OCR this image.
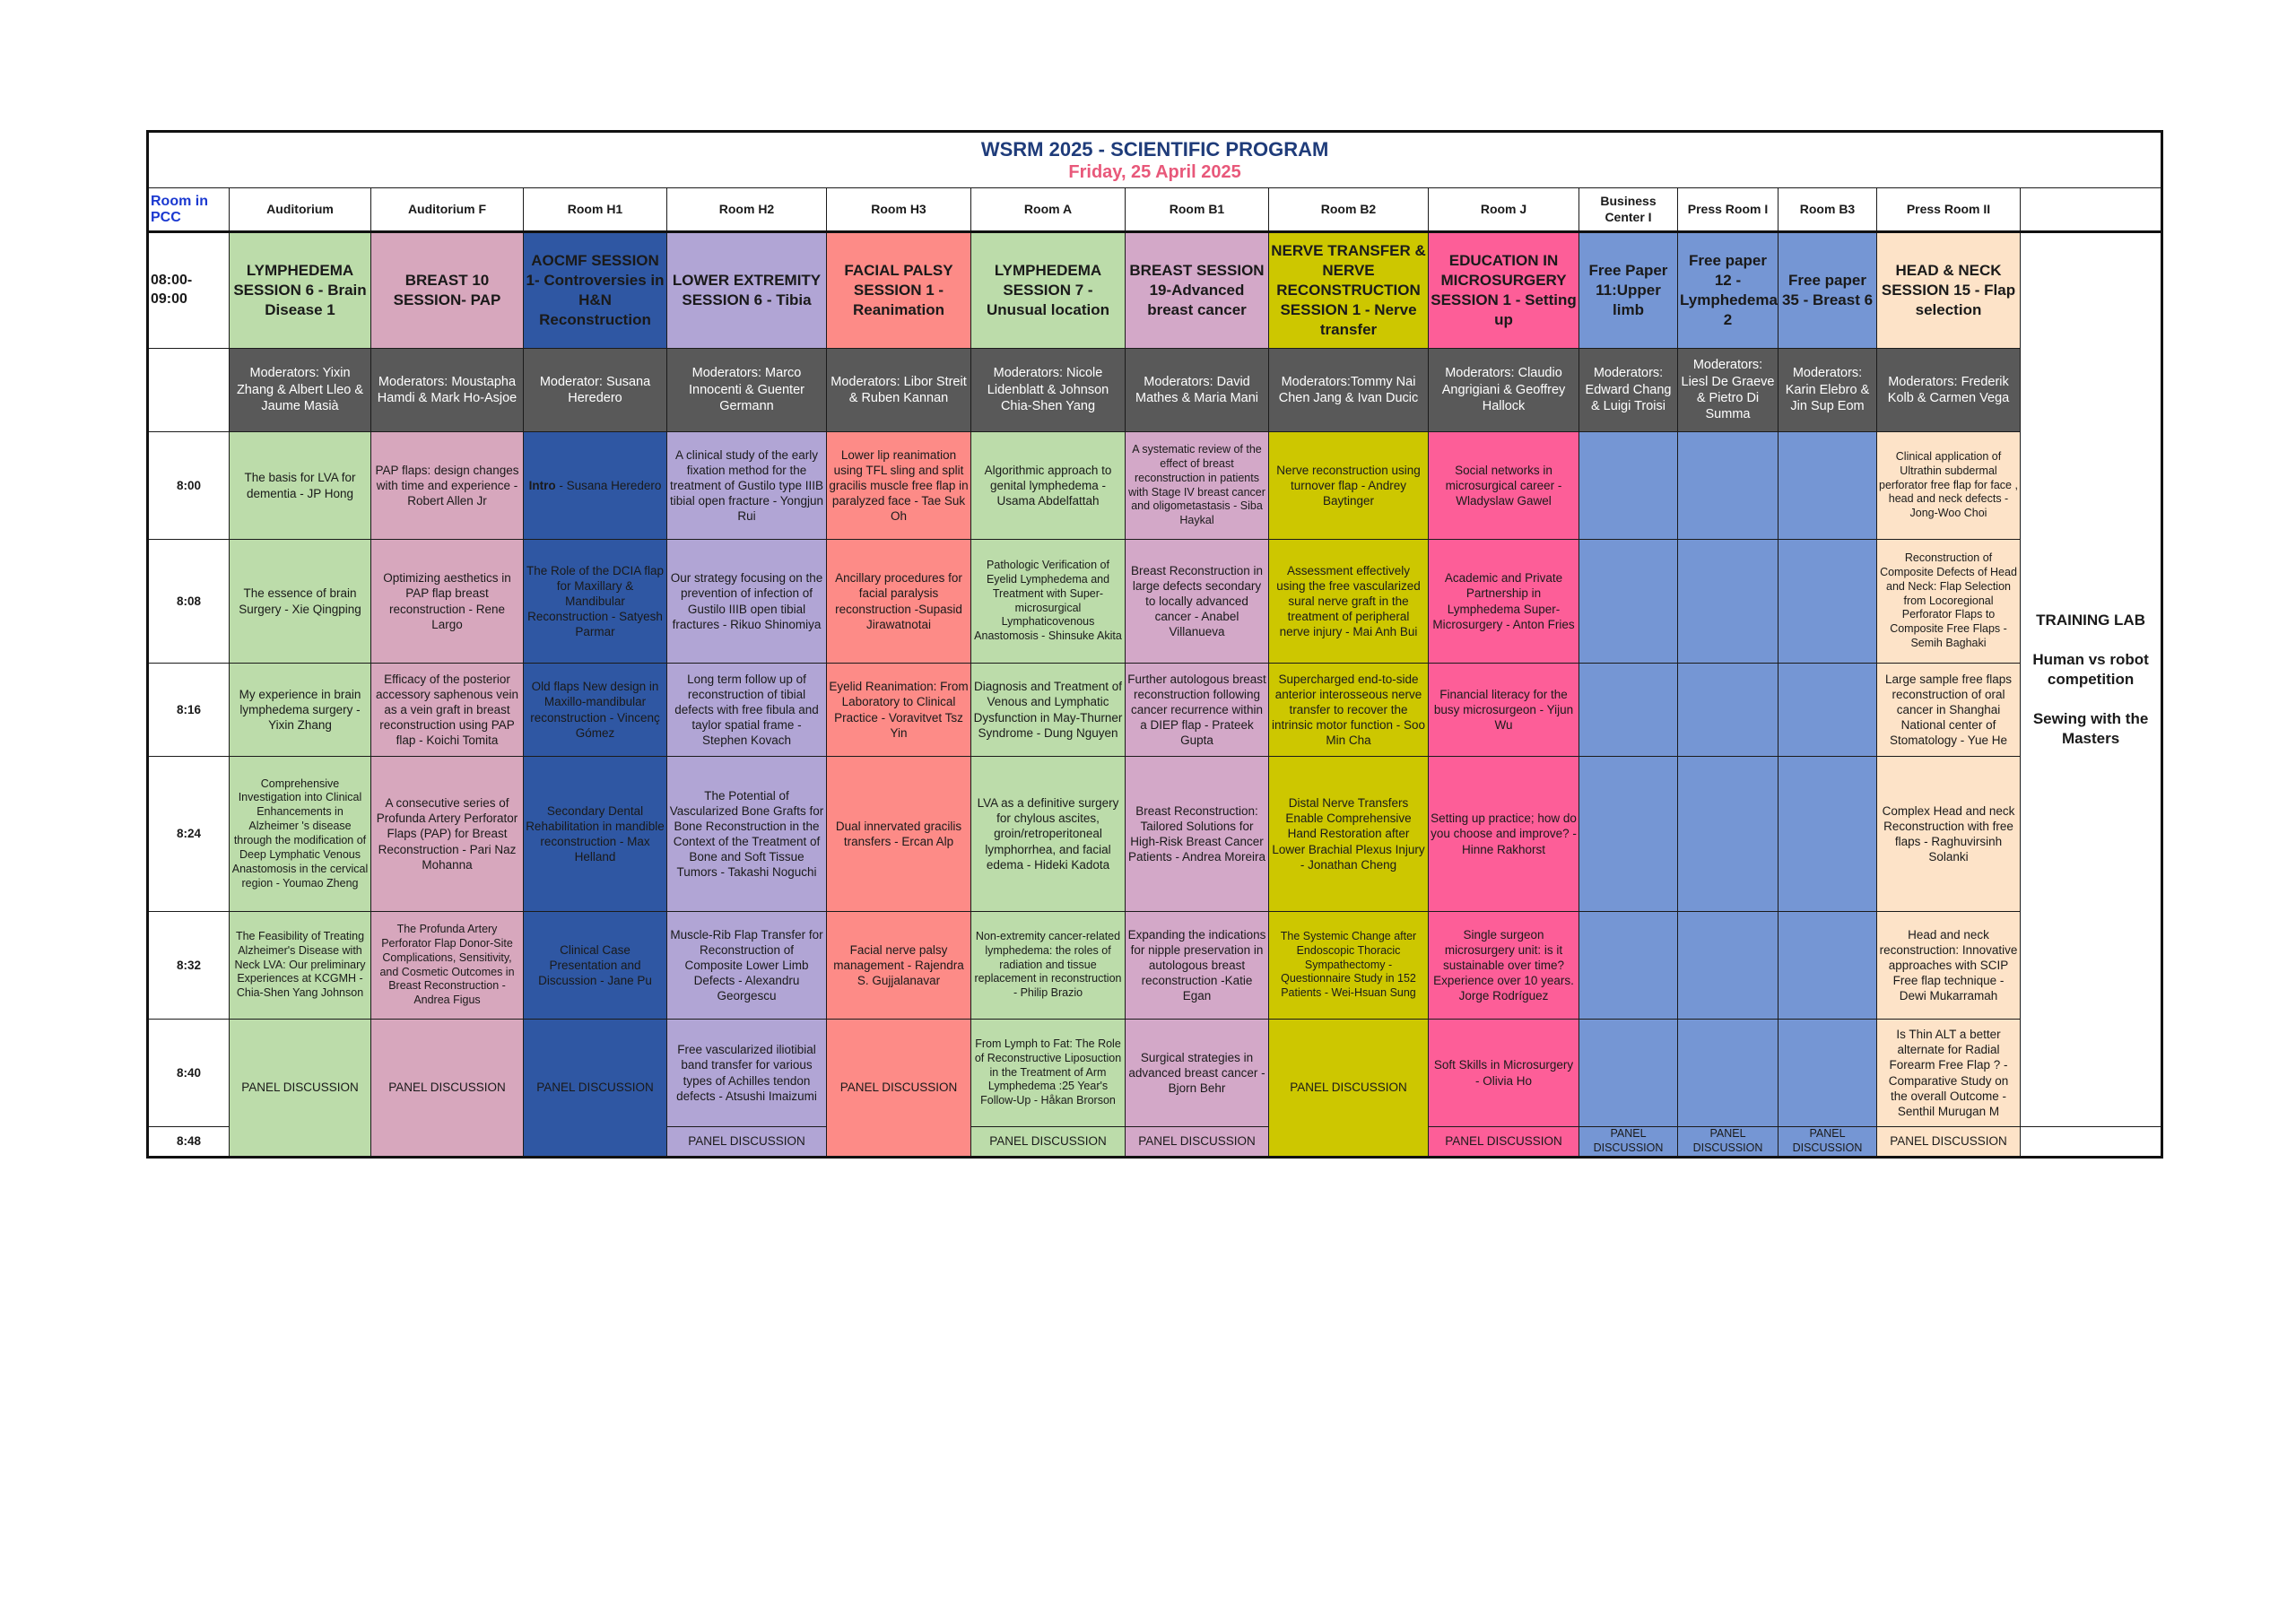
WSRM 2025 - SCIENTIFIC PROGRAM
Friday, 25 April 2025														

Room in PCC	Auditorium	Auditorium F	Room H1	Room H2	Room H3	Room A	Room B1	Room B2	Room J	Business Center I	Press Room I	Room B3	Press Room II	
08:00-09:00	LYMPHEDEMA SESSION 6 - Brain Disease 1	BREAST 10 SESSION- PAP	AOCMF SESSION 1- Controversies in H&N Reconstruction	LOWER EXTREMITY SESSION 6 - Tibia	FACIAL PALSY SESSION 1 - Reanimation	LYMPHEDEMA SESSION 7 - Unusual location	BREAST SESSION 19-Advanced breast cancer	NERVE TRANSFER & NERVE RECONSTRUCTION SESSION 1 - Nerve transfer	EDUCATION IN MICROSURGERY SESSION 1 - Setting up	Free Paper 11:Upper limb	Free paper 12 - Lymphedema 2	Free paper 35 - Breast 6	HEAD & NECK SESSION 15 - Flap selection	TRAINING LAB

Human vs robot competition

Sewing with the Masters

	Moderators: Yixin Zhang & Albert Lleo & Jaume Masià	Moderators: Moustapha Hamdi & Mark Ho-Asjoe	Moderator: Susana Heredero	Moderators: Marco Innocenti & Guenter Germann	Moderators: Libor Streit & Ruben Kannan	Moderators: Nicole Lidenblatt & Johnson Chia-Shen Yang	Moderators: David Mathes & Maria Mani	Moderators:Tommy Nai Chen Jang & Ivan Ducic	Moderators: Claudio Angrigiani & Geoffrey Hallock	Moderators: Edward Chang & Luigi Troisi	Moderators: Liesl De Graeve & Pietro Di Summa	Moderators: Karin Elebro & Jin Sup Eom	Moderators: Frederik Kolb & Carmen Vega	
8:00	The basis for LVA for dementia - JP Hong	PAP flaps: design changes with time and experience - Robert Allen Jr	Intro - Susana Heredero	A clinical study of the early fixation method for the treatment of Gustilo type IIIB tibial open fracture - Yongjun Rui	Lower lip reanimation using TFL sling and split gracilis muscle free flap in paralyzed face - Tae Suk Oh	Algorithmic approach to genital lymphedema - Usama Abdelfattah	A systematic review of the effect of breast reconstruction in patients with Stage IV breast cancer and oligometastasis - Siba Haykal	Nerve reconstruction using turnover flap - Andrey Baytinger	Social networks in microsurgical career - Wladyslaw Gawel				Clinical application of Ultrathin subdermal perforator free flap for face , head and neck defects - Jong-Woo Choi	
8:08	The essence of brain Surgery - Xie Qingping	Optimizing aesthetics in PAP flap breast reconstruction - Rene Largo	The Role of the DCIA flap for Maxillary & Mandibular Reconstruction - Satyesh Parmar	Our strategy focusing on the prevention of infection of Gustilo IIIB open tibial fractures - Rikuo Shinomiya	Ancillary procedures for facial paralysis reconstruction -Supasid Jirawatnotai	Pathologic Verification of Eyelid Lymphedema and Treatment with Super-microsurgical Lymphaticovenous Anastomosis - Shinsuke Akita	Breast Reconstruction in large defects secondary to locally advanced cancer - Anabel Villanueva	Assessment effectively using the free vascularized sural nerve graft in the treatment of peripheral nerve injury - Mai Anh Bui	Academic and Private Partnership in Lymphedema Super-Microsurgery - Anton Fries				Reconstruction of Composite Defects of Head and Neck: Flap Selection from Locoregional Perforator Flaps to Composite Free Flaps - Semih Baghaki	
8:16	My experience in brain lymphedema surgery - Yixin Zhang	Efficacy of the posterior accessory saphenous vein as a vein graft in breast reconstruction using PAP flap - Koichi Tomita	Old flaps New design in Maxillo-mandibular reconstruction - Vincenç Gómez	Long term follow up of reconstruction of tibial defects with free fibula and taylor spatial frame - Stephen Kovach	Eyelid Reanimation: From Laboratory to Clinical Practice - Voravitvet Tsz Yin	Diagnosis and Treatment of Venous and Lymphatic Dysfunction in May-Thurner Syndrome - Dung Nguyen	Further autologous breast reconstruction following cancer recurrence within a DIEP flap - Prateek Gupta	Supercharged end-to-side anterior interosseous nerve transfer to recover the intrinsic motor function - Soo Min Cha	Financial literacy for the busy microsurgeon - Yijun Wu				Large sample free flaps reconstruction of oral cancer in Shanghai National center of Stomatology - Yue He	
8:24	Comprehensive Investigation into Clinical Enhancements in Alzheimer 's disease through the modification of Deep Lymphatic Venous Anastomosis in the cervical region - Youmao Zheng	A consecutive series of Profunda Artery Perforator Flaps (PAP) for Breast Reconstruction - Pari Naz Mohanna	Secondary Dental Rehabilitation in mandible reconstruction - Max Helland	The Potential of Vascularized Bone Grafts for Bone Reconstruction in the Context of the Treatment of Bone and Soft Tissue Tumors - Takashi Noguchi	Dual innervated gracilis transfers - Ercan Alp	LVA as a definitive surgery for chylous ascites, groin/retroperitoneal lymphorrhea, and facial edema - Hideki Kadota	Breast Reconstruction: Tailored Solutions for High-Risk Breast Cancer Patients - Andrea Moreira	Distal Nerve Transfers Enable Comprehensive Hand Restoration after Lower Brachial Plexus Injury - Jonathan Cheng	Setting up practice; how do you choose and improve? - Hinne Rakhorst				Complex Head and neck Reconstruction with free flaps - Raghuvirsinh Solanki	
8:32	The Feasibility of Treating Alzheimer's Disease with Neck LVA: Our preliminary Experiences at KCGMH - Chia-Shen Yang Johnson	The Profunda Artery Perforator Flap Donor-Site Complications, Sensitivity, and Cosmetic Outcomes in Breast Reconstruction - Andrea Figus	Clinical Case Presentation and Discussion - Jane Pu	Muscle-Rib Flap Transfer for Reconstruction of Composite Lower Limb Defects - Alexandru Georgescu	Facial nerve palsy management - Rajendra S. Gujjalanavar	Non-extremity cancer-related lymphedema: the roles of radiation and tissue replacement in reconstruction - Philip Brazio	Expanding the indications for nipple preservation in autologous breast reconstruction -Katie Egan	The Systemic Change after Endoscopic Thoracic Sympathectomy - Questionnaire Study in 152 Patients - Wei-Hsuan Sung	Single surgeon microsurgery unit: is it sustainable over time? Experience over 10 years. Jorge Rodríguez				Head and neck reconstruction: Innovative approaches with SCIP Free flap technique - Dewi Mukarramah	
8:40	PANEL DISCUSSION	PANEL DISCUSSION	PANEL DISCUSSION	Free vascularized iliotibial band transfer for various types of Achilles tendon defects - Atsushi Imaizumi	PANEL DISCUSSION	From Lymph to Fat: The Role of Reconstructive Liposuction in the Treatment of Arm Lymphedema :25 Year's Follow-Up - Håkan Brorson	Surgical strategies in advanced breast cancer - Bjorn Behr	PANEL DISCUSSION	Soft Skills in Microsurgery - Olivia Ho				Is Thin ALT a better alternate for Radial Forearm Free Flap ? - Comparative Study on the overall Outcome - Senthil Murugan M	
8:48				PANEL DISCUSSION		PANEL DISCUSSION	PANEL DISCUSSION		PANEL DISCUSSION	PANEL DISCUSSION	PANEL DISCUSSION	PANEL DISCUSSION	PANEL DISCUSSION	
